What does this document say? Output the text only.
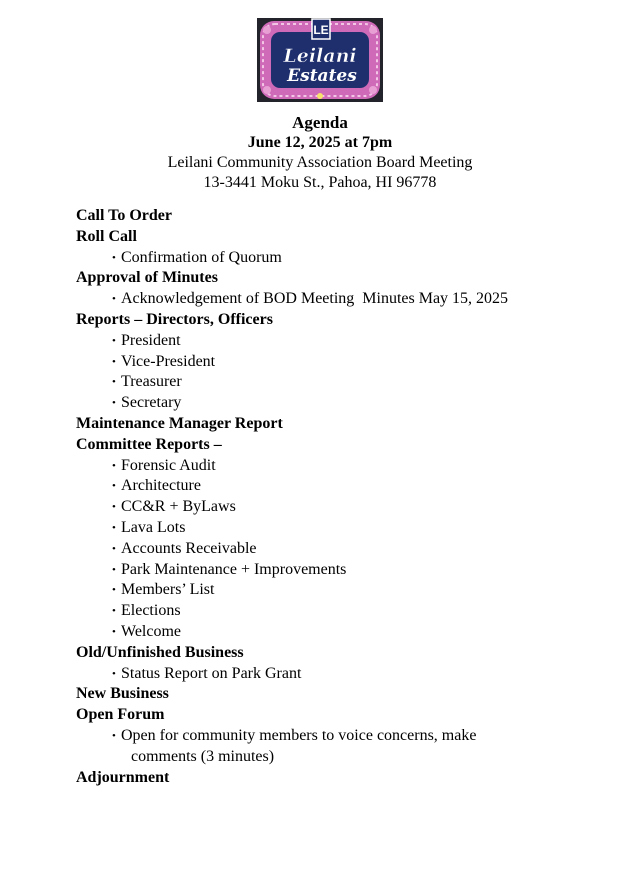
LE
Leilani
Estates
Agenda
June 12, 2025 at 7pm
Leilani Community Association Board Meeting
13-3441 Moku St., Pahoa, HI 96778
Call To Order
Roll Call
• Confirmation of Quorum
Approval of Minutes
• Acknowledgement of BOD Meeting  Minutes May 15, 2025
Reports – Directors, Officers
• President
• Vice-President
• Treasurer
• Secretary
Maintenance Manager Report
Committee Reports –
• Forensic Audit
• Architecture
• CC&R + ByLaws
• Lava Lots
• Accounts Receivable
• Park Maintenance + Improvements
• Members’ List
• Elections
• Welcome
Old/Unfinished Business
• Status Report on Park Grant
New Business
Open Forum
• Open for community members to voice concerns, make
comments (3 minutes)
Adjournment
